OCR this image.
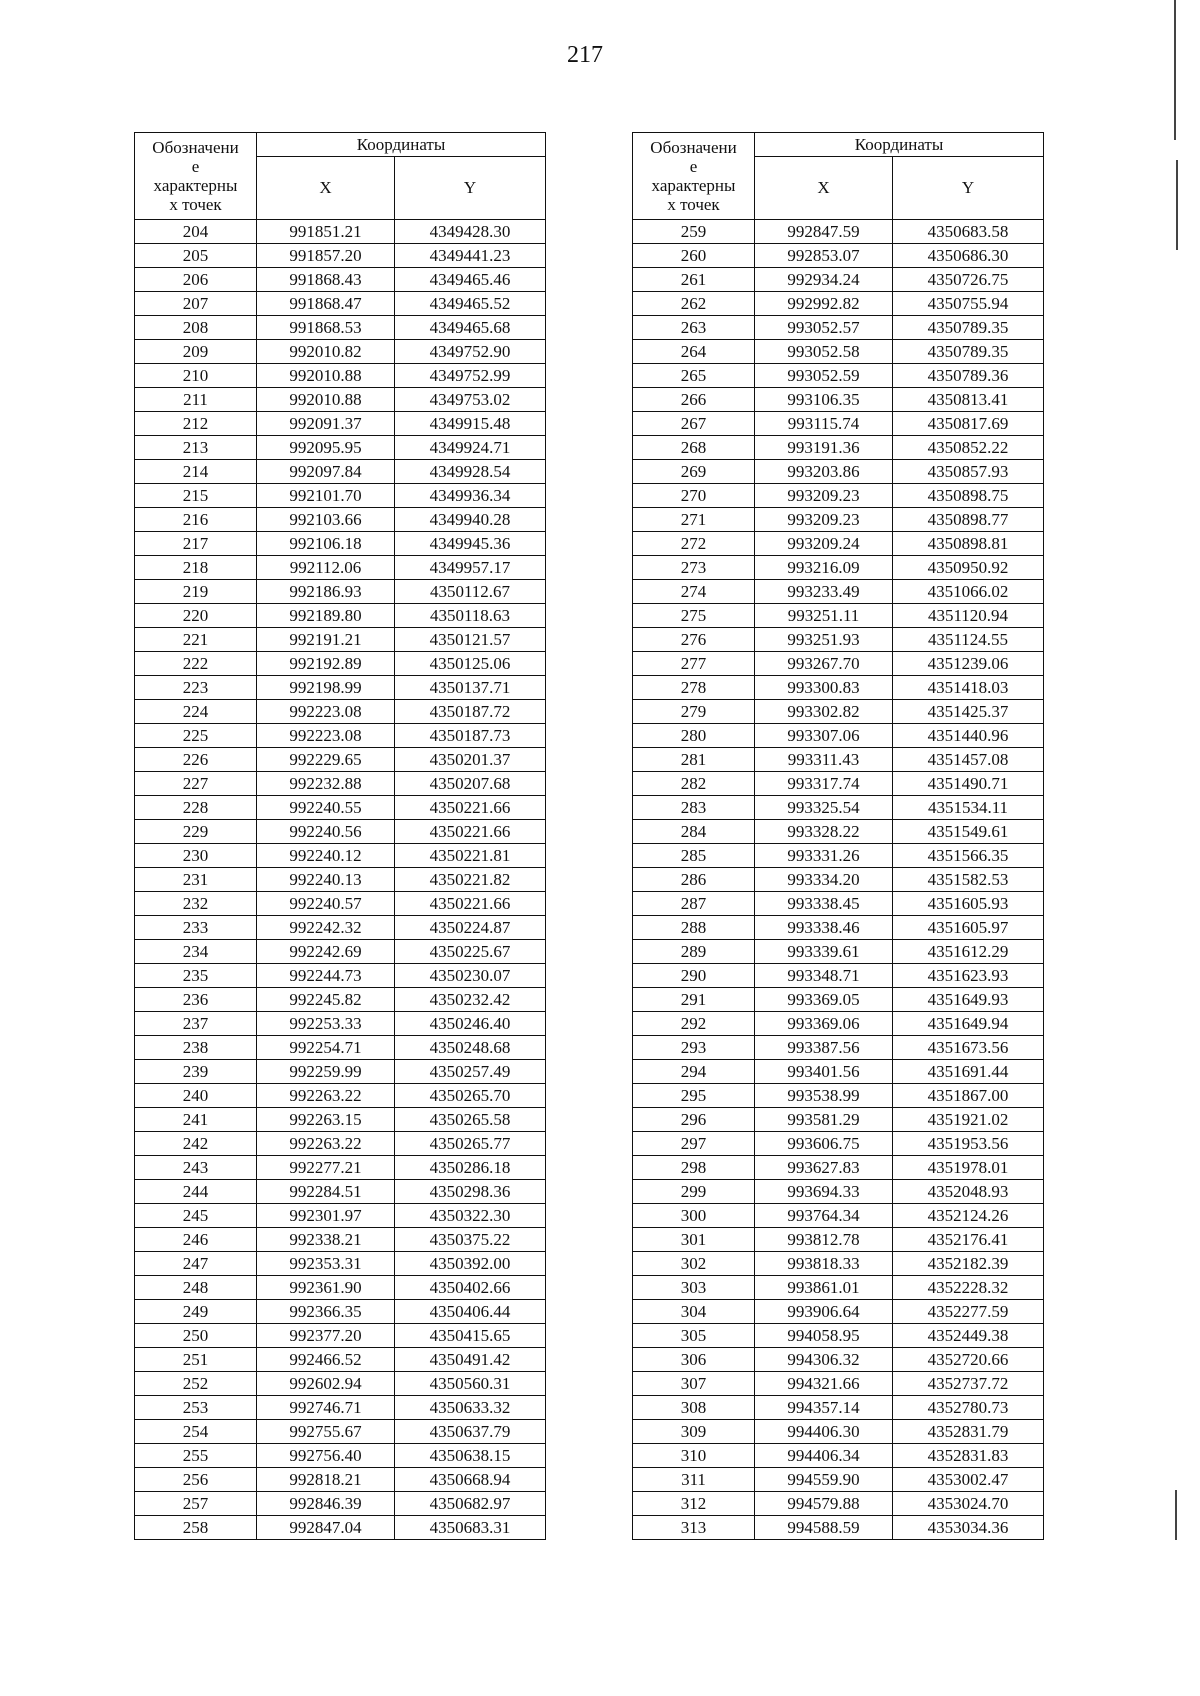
217
Обозначени
е
характерны
х точек	Координаты	
	X	Y
204	991851.21	4349428.30
205	991857.20	4349441.23
206	991868.43	4349465.46
207	991868.47	4349465.52
208	991868.53	4349465.68
209	992010.82	4349752.90
210	992010.88	4349752.99
211	992010.88	4349753.02
212	992091.37	4349915.48
213	992095.95	4349924.71
214	992097.84	4349928.54
215	992101.70	4349936.34
216	992103.66	4349940.28
217	992106.18	4349945.36
218	992112.06	4349957.17
219	992186.93	4350112.67
220	992189.80	4350118.63
221	992191.21	4350121.57
222	992192.89	4350125.06
223	992198.99	4350137.71
224	992223.08	4350187.72
225	992223.08	4350187.73
226	992229.65	4350201.37
227	992232.88	4350207.68
228	992240.55	4350221.66
229	992240.56	4350221.66
230	992240.12	4350221.81
231	992240.13	4350221.82
232	992240.57	4350221.66
233	992242.32	4350224.87
234	992242.69	4350225.67
235	992244.73	4350230.07
236	992245.82	4350232.42
237	992253.33	4350246.40
238	992254.71	4350248.68
239	992259.99	4350257.49
240	992263.22	4350265.70
241	992263.15	4350265.58
242	992263.22	4350265.77
243	992277.21	4350286.18
244	992284.51	4350298.36
245	992301.97	4350322.30
246	992338.21	4350375.22
247	992353.31	4350392.00
248	992361.90	4350402.66
249	992366.35	4350406.44
250	992377.20	4350415.65
251	992466.52	4350491.42
252	992602.94	4350560.31
253	992746.71	4350633.32
254	992755.67	4350637.79
255	992756.40	4350638.15
256	992818.21	4350668.94
257	992846.39	4350682.97
258	992847.04	4350683.31
Обозначени
е
характерны
х точек	Координаты	
	X	Y
259	992847.59	4350683.58
260	992853.07	4350686.30
261	992934.24	4350726.75
262	992992.82	4350755.94
263	993052.57	4350789.35
264	993052.58	4350789.35
265	993052.59	4350789.36
266	993106.35	4350813.41
267	993115.74	4350817.69
268	993191.36	4350852.22
269	993203.86	4350857.93
270	993209.23	4350898.75
271	993209.23	4350898.77
272	993209.24	4350898.81
273	993216.09	4350950.92
274	993233.49	4351066.02
275	993251.11	4351120.94
276	993251.93	4351124.55
277	993267.70	4351239.06
278	993300.83	4351418.03
279	993302.82	4351425.37
280	993307.06	4351440.96
281	993311.43	4351457.08
282	993317.74	4351490.71
283	993325.54	4351534.11
284	993328.22	4351549.61
285	993331.26	4351566.35
286	993334.20	4351582.53
287	993338.45	4351605.93
288	993338.46	4351605.97
289	993339.61	4351612.29
290	993348.71	4351623.93
291	993369.05	4351649.93
292	993369.06	4351649.94
293	993387.56	4351673.56
294	993401.56	4351691.44
295	993538.99	4351867.00
296	993581.29	4351921.02
297	993606.75	4351953.56
298	993627.83	4351978.01
299	993694.33	4352048.93
300	993764.34	4352124.26
301	993812.78	4352176.41
302	993818.33	4352182.39
303	993861.01	4352228.32
304	993906.64	4352277.59
305	994058.95	4352449.38
306	994306.32	4352720.66
307	994321.66	4352737.72
308	994357.14	4352780.73
309	994406.30	4352831.79
310	994406.34	4352831.83
311	994559.90	4353002.47
312	994579.88	4353024.70
313	994588.59	4353034.36
